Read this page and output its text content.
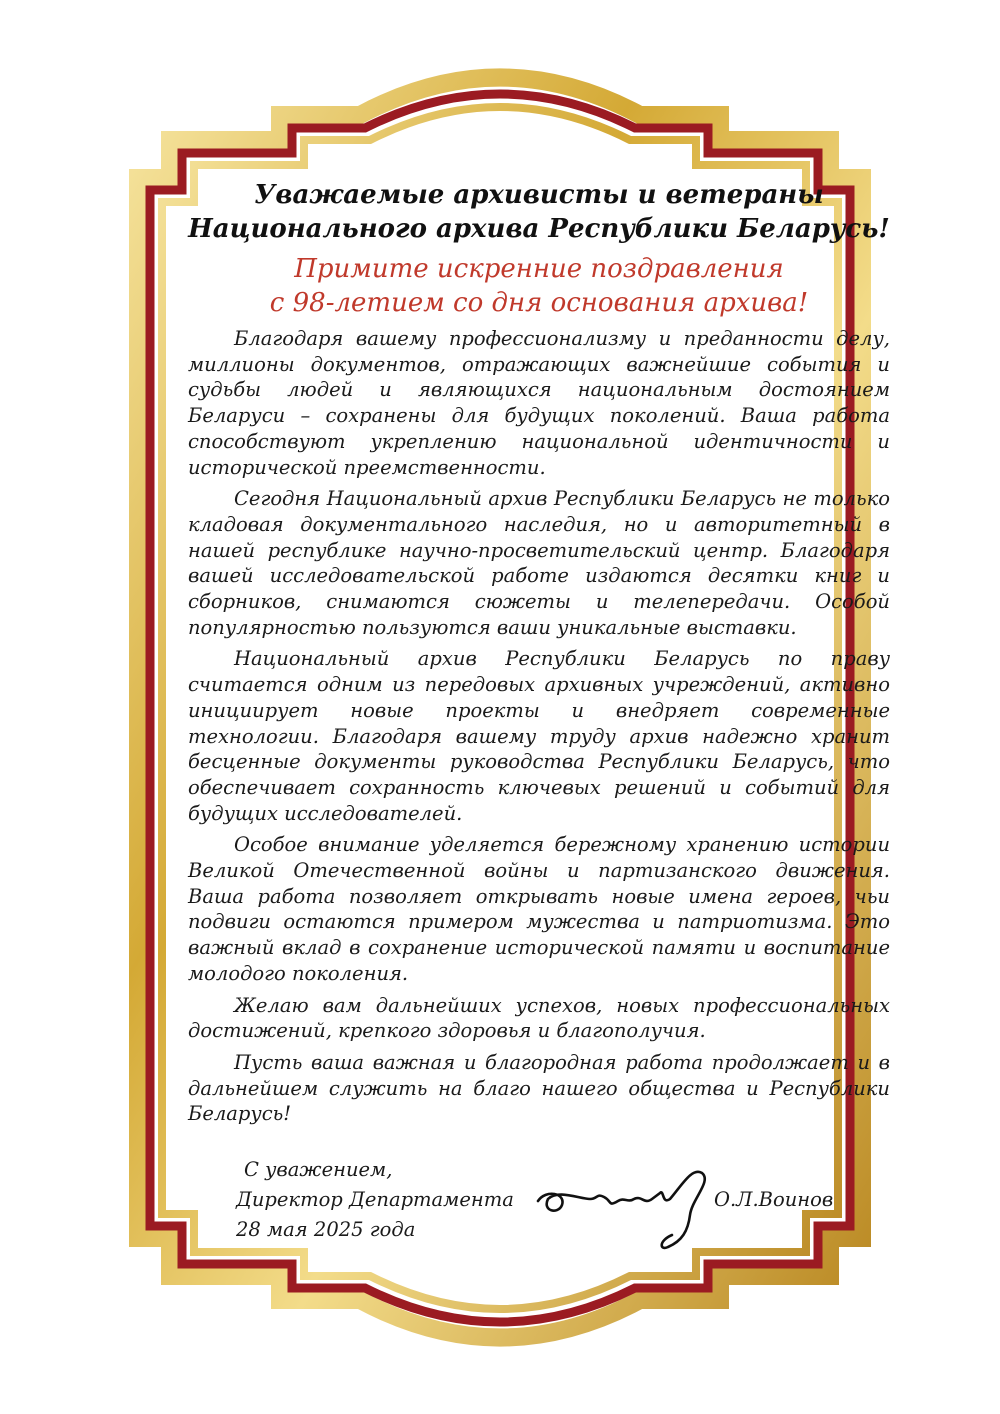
Уважаемые архивисты и ветераны
Национального архива Республики Беларусь!
Примите искренние поздравления
с 98-летием со дня основания архива!

Благодаря вашему профессионализму и преданности делу, миллионы документов, отражающих важнейшие события и судьбы людей и являющихся национальным достоянием Беларуси – сохранены для будущих поколений. Ваша работа способствуют укреплению национальной идентичности и исторической преемственности.

Сегодня Национальный архив Республики Беларусь не только кладовая документального наследия, но и авторитетный в нашей республике научно-просветительский центр. Благодаря вашей исследовательской работе издаются десятки книг и сборников, снимаются сюжеты и телепередачи. Особой популярностью пользуются ваши уникальные выставки.

Национальный архив Республики Беларусь по праву считается одним из передовых архивных учреждений, активно инициирует новые проекты и внедряет современные технологии. Благодаря вашему труду архив надежно хранит бесценные документы руководства Республики Беларусь, что обеспечивает сохранность ключевых решений и событий для будущих исследователей.

Особое внимание уделяется бережному хранению истории Великой Отечественной войны и партизанского движения. Ваша работа позволяет открывать новые имена героев, чьи подвиги остаются примером мужества и патриотизма. Это важный вклад в сохранение исторической памяти и воспитание молодого поколения.

Желаю вам дальнейших успехов, новых профессиональных достижений, крепкого здоровья и благополучия.

Пусть ваша важная и благородная работа продолжает и в дальнейшем служить на благо нашего общества и Республики Беларусь!

С уважением,
Директор Департамента
28 мая 2025 года
О.Л.Воинов
